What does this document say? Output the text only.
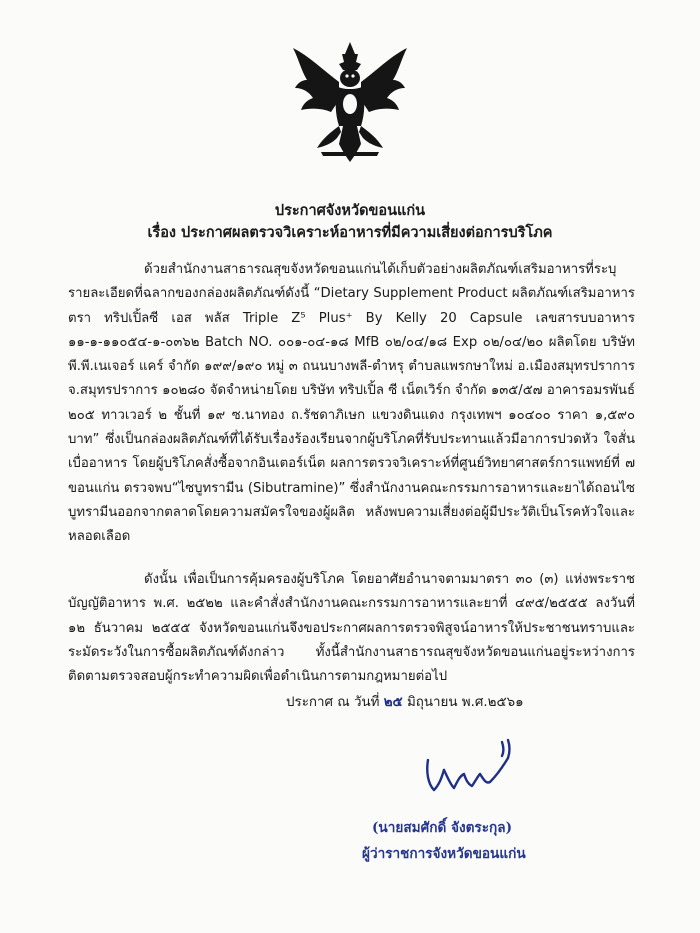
ประกาศจังหวัดขอนแก่น
เรื่อง ประกาศผลตรวจวิเคราะห์อาหารที่มีความเสี่ยงต่อการบริโภค
ด้วยสำนักงานสาธารณสุขจังหวัดขอนแก่นได้เก็บตัวอย่างผลิตภัณฑ์เสริมอาหารที่ระบุรายละเอียดที่ฉลากของกล่องผลิตภัณฑ์ดังนี้ “Dietary Supplement Product ผลิตภัณฑ์เสริมอาหาร ตรา ทริปเปิ้ลซี เอส พลัส Triple Z⁵ Plus⁺ By Kelly 20 Capsule เลขสารบบอาหาร ๑๑-๑-๑๑๐๕๔-๑-๐๓๖๒ Batch NO. ๐๐๑-๐๔-๑๘ MfB ๐๒/๐๔/๑๘ Exp ๐๒/๐๔/๒๐ ผลิตโดย บริษัท พี.พี.เนเจอร์ แคร์ จำกัด ๑๙๙/๑๙๐ หมู่ ๓ ถนนบางพลี-ตำหรุ ตำบลแพรกษาใหม่ อ.เมืองสมุทรปราการ จ.สมุทรปราการ ๑๐๒๘๐ จัดจำหน่ายโดย บริษัท ทริปเปิ้ล ซี เน็ตเวิร์ก จำกัด ๑๓๕/๕๗ อาคารอมรพันธ์ ๒๐๕ ทาวเวอร์ ๒ ชั้นที่ ๑๙ ซ.นาทอง ถ.รัชดาภิเษก แขวงดินแดง กรุงเทพฯ ๑๐๔๐๐ ราคา ๑,๕๙๐ บาท” ซึ่งเป็นกล่องผลิตภัณฑ์ที่ได้รับเรื่องร้องเรียนจากผู้บริโภคที่รับประทานแล้วมีอาการปวดหัว ใจสั่น เบื่ออาหาร โดยผู้บริโภคสั่งซื้อจากอินเตอร์เน็ต ผลการตรวจวิเคราะห์ที่ศูนย์วิทยาศาสตร์การแพทย์ที่ ๗ ขอนแก่น ตรวจพบ“ไซบูทรามีน (Sibutramine)” ซึ่งสำนักงานคณะกรรมการอาหารและยาได้ถอนไซบูทรามีนออกจากตลาดโดยความสมัครใจของผู้ผลิต หลังพบความเสี่ยงต่อผู้มีประวัติเป็นโรคหัวใจและหลอดเลือด
ดังนั้น เพื่อเป็นการคุ้มครองผู้บริโภค โดยอาศัยอำนาจตามมาตรา ๓๐ (๓) แห่งพระราชบัญญัติอาหาร พ.ศ. ๒๕๒๒ และคำสั่งสำนักงานคณะกรรมการอาหารและยาที่ ๔๙๕/๒๕๕๕ ลงวันที่ ๑๒ ธันวาคม ๒๕๕๕ จังหวัดขอนแก่นจึงขอประกาศผลการตรวจพิสูจน์อาหารให้ประชาชนทราบและระมัดระวังในการซื้อผลิตภัณฑ์ดังกล่าว ทั้งนี้สำนักงานสาธารณสุขจังหวัดขอนแก่นอยู่ระหว่างการติดตามตรวจสอบผู้กระทำความผิดเพื่อดำเนินการตามกฎหมายต่อไป
ประกาศ ณ วันที่ ๒๕ มิถุนายน พ.ศ.๒๕๖๑
(นายสมศักดิ์ จังตระกุล)
ผู้ว่าราชการจังหวัดขอนแก่น
